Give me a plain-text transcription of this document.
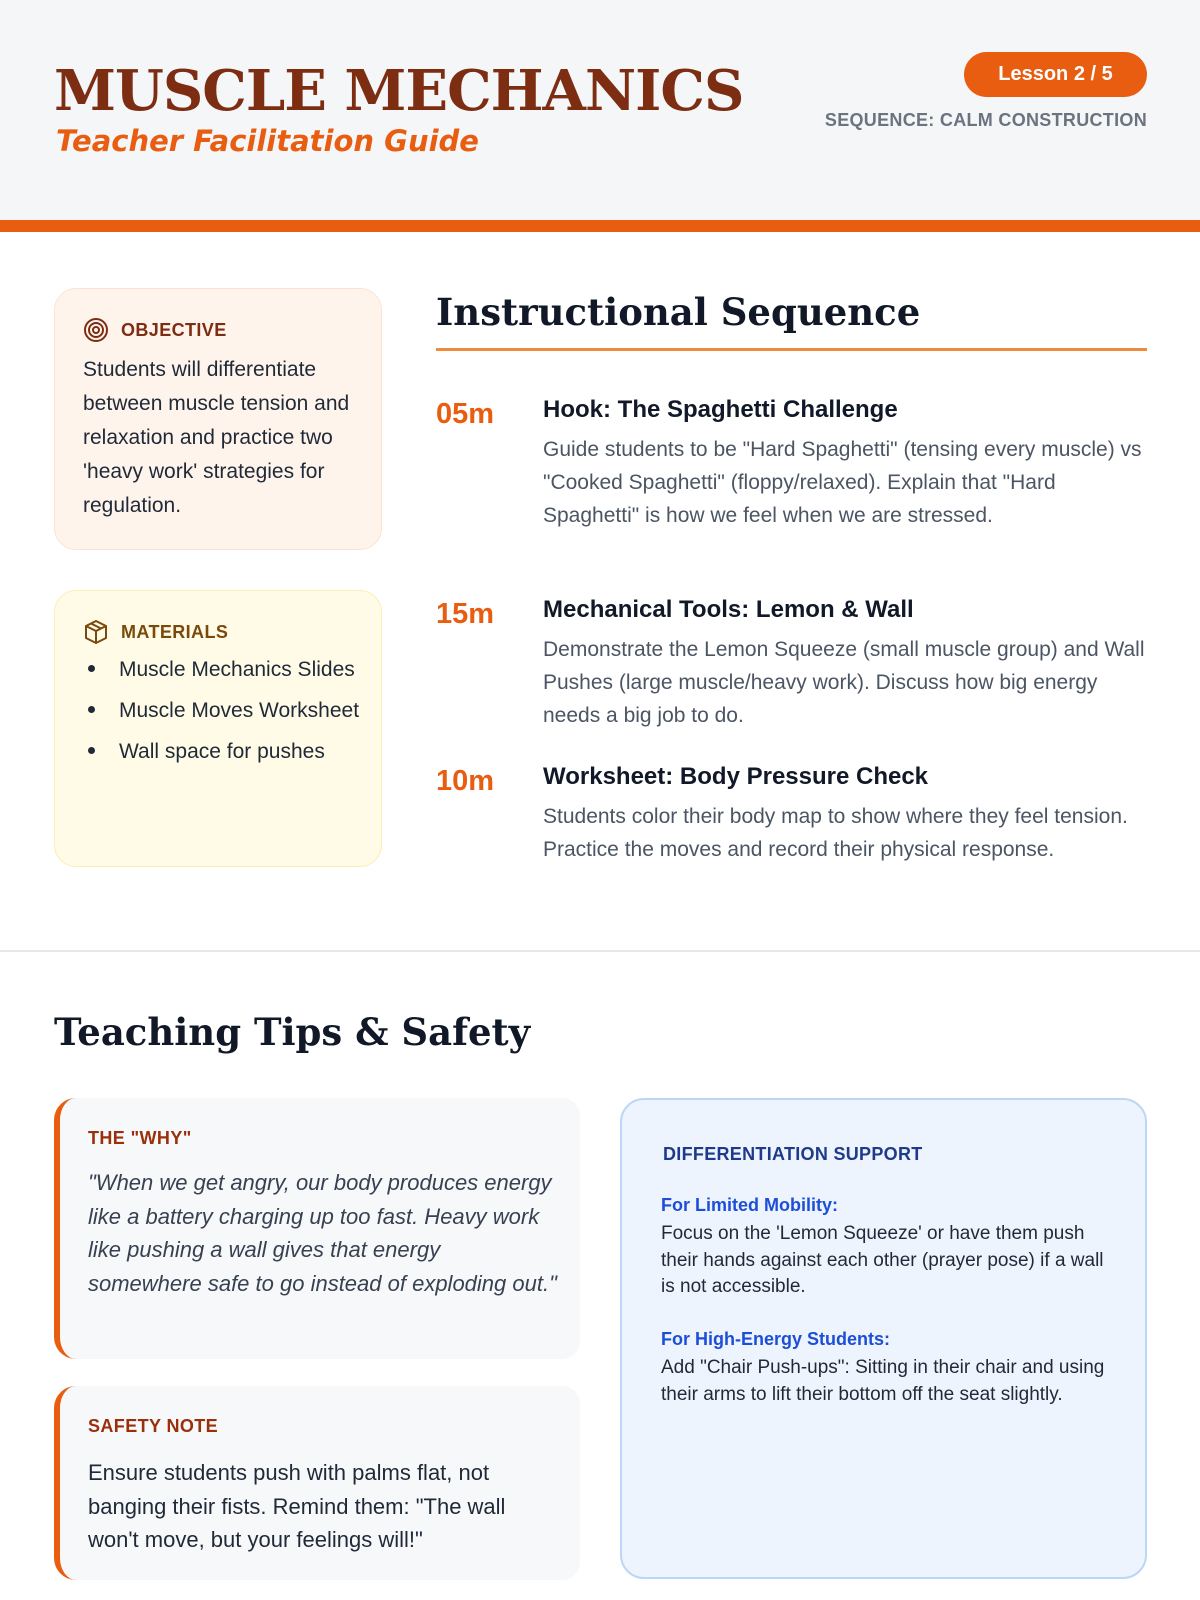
MUSCLE MECHANICS
Teacher Facilitation Guide
Lesson 2 / 5
SEQUENCE: CALM CONSTRUCTION
OBJECTIVE
Students will differentiate between muscle tension and relaxation and practice two 'heavy work' strategies for regulation.
MATERIALS
Muscle Mechanics Slides
Muscle Moves Worksheet
Wall space for pushes
Instructional Sequence
05m Hook: The Spaghetti Challenge
Guide students to be "Hard Spaghetti" (tensing every muscle) vs "Cooked Spaghetti" (floppy/relaxed). Explain that "Hard Spaghetti" is how we feel when we are stressed.
15m Mechanical Tools: Lemon & Wall
Demonstrate the Lemon Squeeze (small muscle group) and Wall Pushes (large muscle/heavy work). Discuss how big energy needs a big job to do.
10m Worksheet: Body Pressure Check
Students color their body map to show where they feel tension. Practice the moves and record their physical response.
Teaching Tips & Safety
THE "WHY"
"When we get angry, our body produces energy like a battery charging up too fast. Heavy work like pushing a wall gives that energy somewhere safe to go instead of exploding out."
SAFETY NOTE
Ensure students push with palms flat, not banging their fists. Remind them: "The wall won't move, but your feelings will!"
DIFFERENTIATION SUPPORT
For Limited Mobility:
Focus on the 'Lemon Squeeze' or have them push their hands against each other (prayer pose) if a wall is not accessible.
For High-Energy Students:
Add "Chair Push-ups": Sitting in their chair and using their arms to lift their bottom off the seat slightly.
